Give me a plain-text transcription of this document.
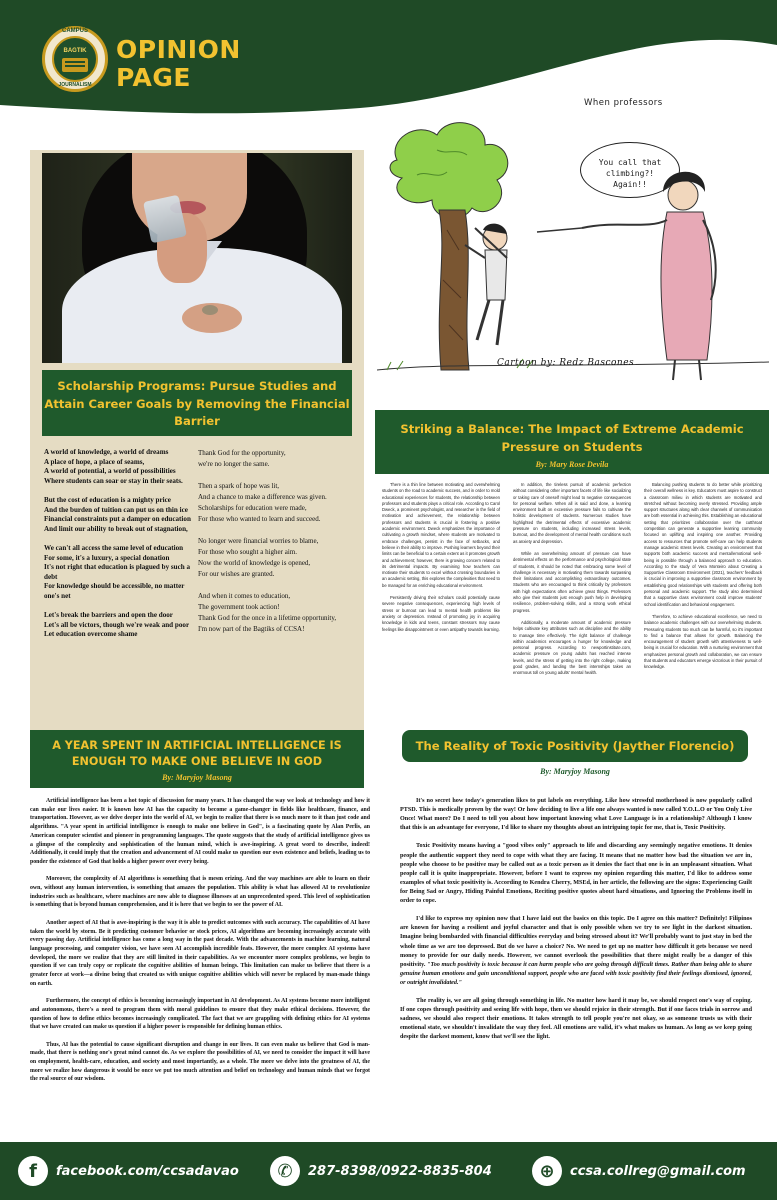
CAMPUS
BAGTIK
JOURNALISM
OPINION
PAGE
Scholarship Programs: Pursue Studies and Attain Career Goals by Removing the Financial Barrier
A world of knowledge, a world of dreams
A place of hope, a place of seams,
A world of potential, a world of possibilities
Where students can soar or stay in their seats.
But the cost of education is a mighty price
And the burden of tuition can put us on thin ice
Financial constraints put a damper on education
And limit our ability to break out of stagnation,
We can't all access the same level of education
For some, it's a luxury, a special donation
It's not right that education is plagued by such a debt
For knowledge should be accessible, no matter one's net
Let's break the barriers and open the door
Let's all be victors, though we're weak and poor
Let education overcome shame
Thank God for the opportunity,
we're no longer the same.
Then a spark of hope was lit,
And a chance to make a difference was given.
Scholarships for education were made,
For those who wanted to learn and succeed.
No longer were financial worries to blame,
For those who sought a higher aim.
Now the world of knowledge is opened,
For our wishes are granted.
And when it comes to education,
The government took action!
Thank God for the once in a lifetime opportunity,
I'm now part of the Bagtiks of CCSA!
When professors
You call that climbing?!
Again!!
Cartoon by: Redz Bascones
Striking a Balance: The Impact of Extreme Academic Pressure on Students
By: Mary Rose Devila

There is a thin line between motivating and overwhelming students on the road to academic success, and in order to mold educational experiences for students, the relationship between professors and students plays a critical role. According to Carol Dweck, a prominent psychologist, and researcher in the field of motivation and achievement, the relationship between professors and students is crucial in fostering a positive academic environment. Dweck emphasizes the importance of cultivating a growth mindset, where students are motivated to embrace challenges, persist in the face of setbacks, and believe in their ability to improve. Pushing learners beyond their limits can be beneficial to a certain extent as it promotes growth and achievement; however, there is growing concern related to its detrimental impacts. By examining how teachers can motivate their students to excel without crossing boundaries in an academic setting, this explores the complexities that need to be managed for an enriching educational environment.

Persistently driving their scholars could potentially cause severe negative consequences, experiencing high levels of stress or burnout can lead to mental health problems like anxiety or depression. Instead of promoting joy in acquiring knowledge in kids and teens, constant stressors may cause feelings like disappointment or even antipathy towards learning.

In addition, the tireless pursuit of academic perfection without considering other important facets of life like socializing or taking care of oneself might lead to negative consequences for personal welfare. When all is said and done, a learning environment built on excessive pressure fails to cultivate the holistic development of students. Numerous studies have highlighted the detrimental effects of excessive academic pressure on students, including increased stress levels, burnout, and the development of mental health conditions such as anxiety and depression.

While an overwhelming amount of pressure can have detrimental effects on the performance and psychological state of students, it should be noted that embracing some level of challenge is necessary in motivating them towards surpassing their limitations and accomplishing extraordinary outcomes. Students who are encouraged to think critically by professors with high expectations often achieve great things. Professors who give their students just enough push help in developing resilience, problem-solving skills, and a strong work ethical progress.

Additionally, a moderate amount of academic pressure helps cultivate key attributes such as discipline and the ability to manage time effectively. The right balance of challenge within academics encourages a hunger for knowledge and personal progress. According to newportinstitute.com, academic pressure on young adults has reached intense levels, and the stress of getting into the right college, making good grades, and landing the best internships takes an enormous toll on young adults' mental health.

Balancing pushing students to do better while prioritizing their overall wellness is key. Educators must aspire to construct a classroom milieu in which students are motivated and stretched without becoming overly stressed. Providing ample support structures along with clear channels of communication are both essential in achieving this. Establishing an educational setting that prioritizes collaboration over the cutthroat competition can generate a supportive learning community focused on uplifting and inspiring one another. Providing access to resources that promote self-care can help students manage academic stress levels. Creating an environment that supports both academic success and mental/emotional well-being is possible through a balanced approach to education. According to the study of Vera Monteiro about Creating a Supportive Classroom Environment (2021), teachers' feedback is crucial in improving a supportive classroom environment by establishing good relationships with students and offering both personal and academic support. The study also determined that a supportive class environment could improve students' school identification and behavioral engagement.

Therefore, to achieve educational excellence, we need to balance academic challenges with our overwhelming students. Pressuring students too much can be harmful, so it's important to find a balance that allows for growth. Balancing the encouragement of student growth with attentiveness to well-being is crucial for education. With a nurturing environment that emphasizes personal growth and collaboration, we can ensure that students and educators emerge victorious in their pursuit of knowledge.

A YEAR SPENT IN ARTIFICIAL INTELLIGENCE IS ENOUGH TO MAKE ONE BELIEVE IN GOD
By: Maryjoy Masong

Artificial intelligence has been a hot topic of discussion for many years. It has changed the way we look at technology and how it can make our lives easier. It is known how AI has the capacity to become a game-changer in fields like healthcare, finance, and transportation. However, as we delve deeper into the world of AI, we begin to realize that there is so much more to it than just code and algorithms. "A year spent in artificial intelligence is enough to make one believe in God", is a fascinating quote by Alan Perlis, an American computer scientist and pioneer in programming languages. The quote suggests that the study of artificial intelligence gives us a glimpse of the complexity and sophistication of the human mind, which is awe-inspiring. A great word to describe, indeed! Additionally, it could imply that the creation and advancement of AI could make us question our own existence and beliefs, leading us to ponder the existence of God that holds a higher power over every being.

Moreover, the complexity of AI algorithms is something that is mesm erizing. And the way machines are able to learn on their own, without any human intervention, is something that amazes the population. This ability is what has allowed AI to revolutionize industries such as healthcare, where machines are now able to diagnose illnesses at an unprecedented speed. This level of sophistication is something that is beyond human comprehension, and it is here that we begin to see the power of AI.

Another aspect of AI that is awe-inspiring is the way it is able to predict outcomes with such accuracy. The capabilities of AI have taken the world by storm. Be it predicting customer behavior or stock prices, AI algorithms are becoming increasingly accurate with every passing day. Artificial intelligence has come a long way in the past decade. With the advancements in machine learning, natural language processing, and computer vision, we have seen AI accomplish incredible feats. However, the more complex AI systems have developed, the more we realize that they are still limited in their capabilities. As we encounter more complex problems, we begin to question if we can truly copy or replicate the cognitive abilities of human beings. This limitation can make us believe that there is a greater force at work—a divine being that created us with unique cognitive abilities which will never be replaced by man-made things on earth.

Furthermore, the concept of ethics is becoming increasingly important in AI development. As AI systems become more intelligent and autonomous, there's a need to program them with moral guidelines to ensure that they make ethical decisions. However, the question of how to define ethics becomes increasingly complicated. The fact that we are grappling with defining ethics for AI systems that we have created can make us question if a higher power is responsible for defining human ethics.

Thus, AI has the potential to cause significant disruption and change in our lives. It can even make us believe that God is man-made, that there is nothing one's great mind cannot do. As we explore the possibilities of AI, we need to consider the impact it will have on employment, health-care, education, and society and most importantly, as a whole. The more we delve into the greatness of AI, the more we realize how dangerous it would be once we put too much attention and belief on technology and human minds that we forgot the real source of our wisdom.

The Reality of Toxic Positivity (Jayther Florencio)
By: Maryjoy Masong

It's no secret how today's generation likes to put labels on everything. Like how stressful motherhood is now popularly called PTSD. This is medically proven by the way! Or how deciding to live a life one always wanted is now called Y.O.L.O or You Only Live Once! What more? Do I need to tell you about how important knowing what Love Language is in a relationship? Although I know that this is an advantage for everyone, I'd like to share my thoughts about an intriguing topic for me, that is, Toxic Positivity.

Toxic Positivity means having a "good vibes only" approach to life and discarding any seemingly negative emotions. It denies people the authentic support they need to cope with what they are facing. It means that no matter how bad the situation we are in, people who choose to be positive may be called out as a toxic person as it denies the fact that one is in an unpleasant situation. What people call it is quite inappropriate. However, before I want to express my opinion regarding this matter, I'd like to address some examples of what toxic positivity is. According to Kendra Cherry, MSEd, in her article, the following are the signs: Experiencing Guilt for Being Sad or Angry, Hiding Painful Emotions, Reciting positive quotes about hard situations, and Ignoring the Problems itself in order to cope.

I'd like to express my opinion now that I have laid out the basics on this topic. Do I agree on this matter? Definitely! Filipinos are known for having a resilient and joyful character and that is only possible when we try to see light in the darkest situation. Imagine being bombarded with financial difficulties everyday and being stressed about it? We'll probably want to just stay in bed the whole time as we are too depressed. But do we have a choice? No. We need to get up no matter how difficult it gets because we need money to provide for our daily needs. However, we cannot overlook the possibilities that there might really be a danger of this positivity. "Too much positivity is toxic because it can harm people who are going through difficult times. Rather than being able to share genuine human emotions and gain unconditional support, people who are faced with toxic positivity find their feelings dismissed, ignored, or outright invalidated."

The reality is, we are all going through something in life. No matter how hard it may be, we should respect one's way of coping. If one copes through positivity and seeing life with hope, then we should rejoice in their strength. But if one faces trials in sorrow and sadness, we should also respect their emotions. It takes strength to tell people you're not okay, so as someone trusts us with their emotional state, we shouldn't invalidate the way they feel. All emotions are valid, it's what makes us human. As long as we keep going despite the darkest moment, know that we'll see the light.

f	facebook.com/ccsadavao	✆	287-8398/0922-8835-804	⊕	ccsa.collreg@gmail.com
